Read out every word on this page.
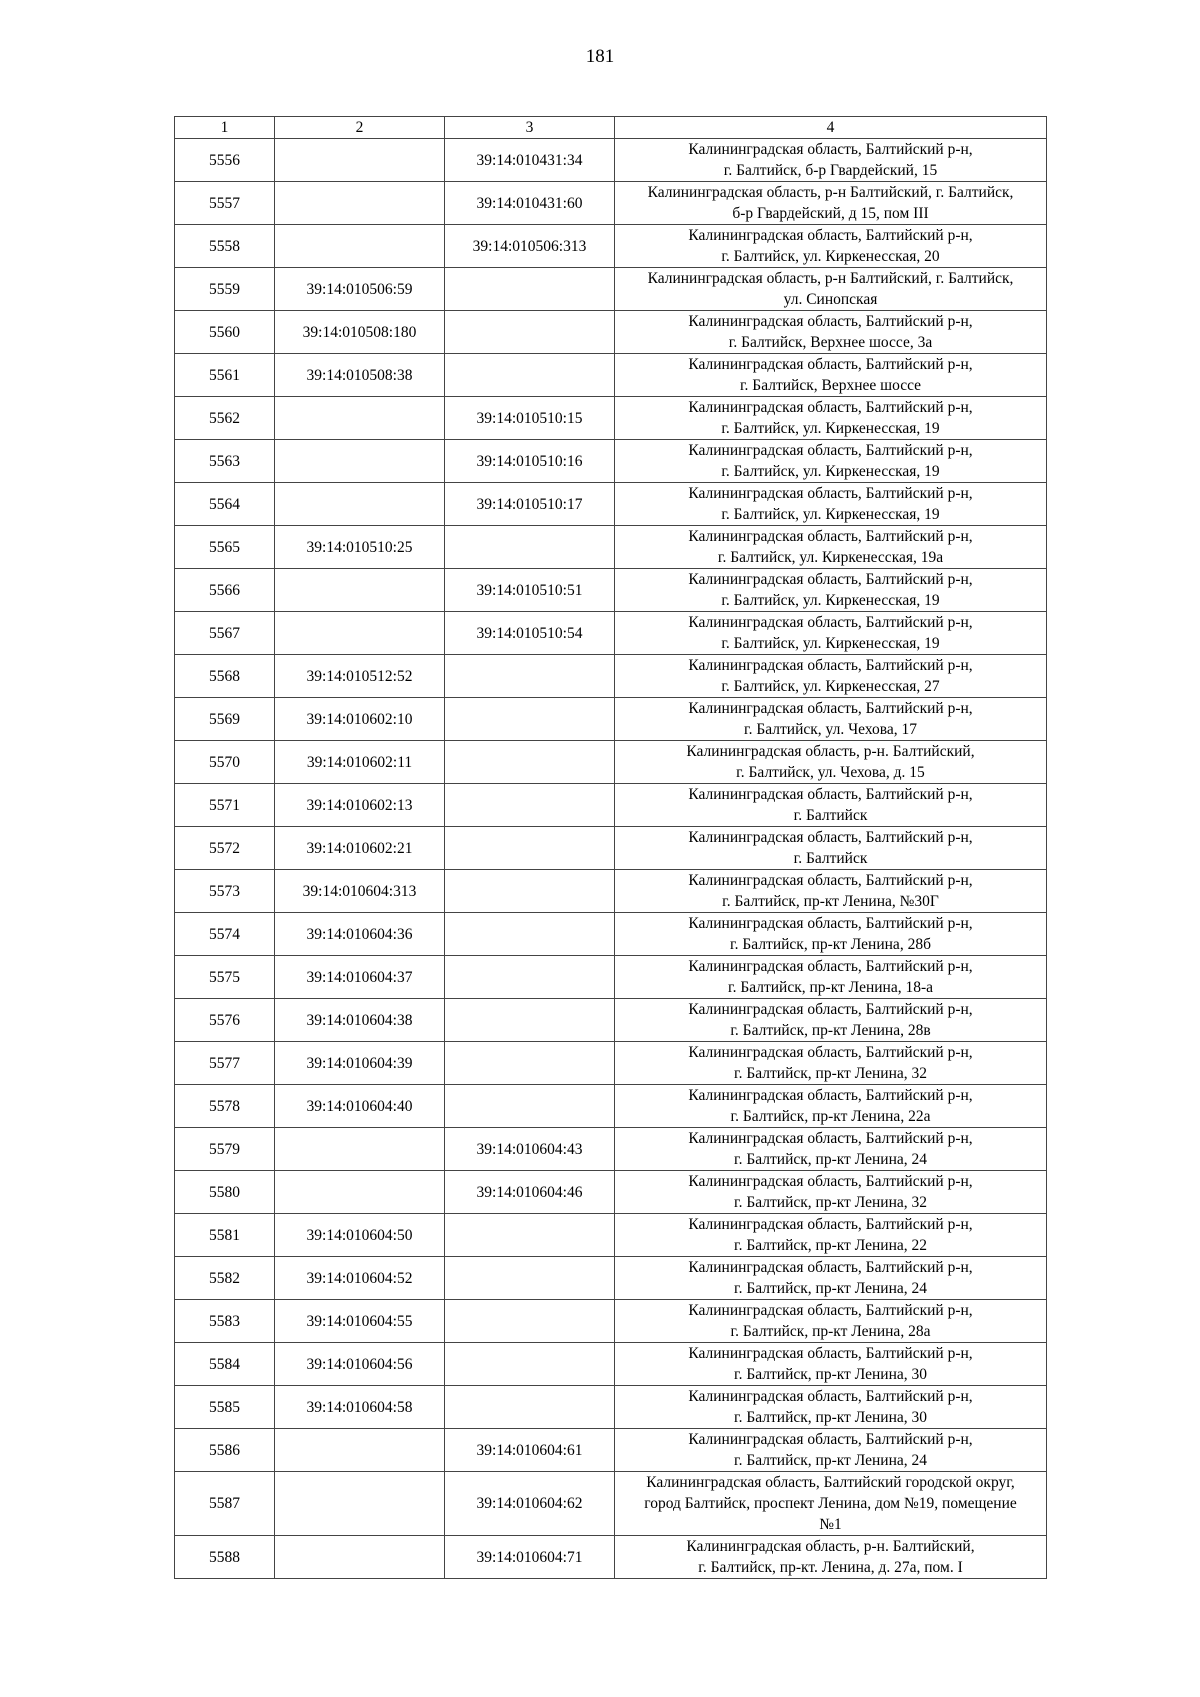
181
1	2	3	4
5556		39:14:010431:34	Калининградская область, Балтийский р-н,
г. Балтийск, б-р Гвардейский, 15

5557		39:14:010431:60	Калининградская область, р-н Балтийский, г. Балтийск,
б-р Гвардейский, д 15, пом III

5558		39:14:010506:313	Калининградская область, Балтийский р-н,
г. Балтийск, ул. Киркенесская, 20

5559	39:14:010506:59		Калининградская область, р-н Балтийский, г. Балтийск,
ул. Синопская

5560	39:14:010508:180		Калининградская область, Балтийский р-н,
г. Балтийск, Верхнее шоссе, 3а

5561	39:14:010508:38		Калининградская область, Балтийский р-н,
г. Балтийск, Верхнее шоссе

5562		39:14:010510:15	Калининградская область, Балтийский р-н,
г. Балтийск, ул. Киркенесская, 19

5563		39:14:010510:16	Калининградская область, Балтийский р-н,
г. Балтийск, ул. Киркенесская, 19

5564		39:14:010510:17	Калининградская область, Балтийский р-н,
г. Балтийск, ул. Киркенесская, 19

5565	39:14:010510:25		Калининградская область, Балтийский р-н,
г. Балтийск, ул. Киркенесская, 19а

5566		39:14:010510:51	Калининградская область, Балтийский р-н,
г. Балтийск, ул. Киркенесская, 19

5567		39:14:010510:54	Калининградская область, Балтийский р-н,
г. Балтийск, ул. Киркенесская, 19

5568	39:14:010512:52		Калининградская область, Балтийский р-н,
г. Балтийск, ул. Киркенесская, 27

5569	39:14:010602:10		Калининградская область, Балтийский р-н,
г. Балтийск, ул. Чехова, 17

5570	39:14:010602:11		Калининградская область, р-н. Балтийский,
г. Балтийск, ул. Чехова, д. 15

5571	39:14:010602:13		Калининградская область, Балтийский р-н,
г. Балтийск

5572	39:14:010602:21		Калининградская область, Балтийский р-н,
г. Балтийск

5573	39:14:010604:313		Калининградская область, Балтийский р-н,
г. Балтийск, пр-кт Ленина, №30Г

5574	39:14:010604:36		Калининградская область, Балтийский р-н,
г. Балтийск, пр-кт Ленина, 28б

5575	39:14:010604:37		Калининградская область, Балтийский р-н,
г. Балтийск, пр-кт Ленина, 18-а

5576	39:14:010604:38		Калининградская область, Балтийский р-н,
г. Балтийск, пр-кт Ленина, 28в

5577	39:14:010604:39		Калининградская область, Балтийский р-н,
г. Балтийск, пр-кт Ленина, 32

5578	39:14:010604:40		Калининградская область, Балтийский р-н,
г. Балтийск, пр-кт Ленина, 22а

5579		39:14:010604:43	Калининградская область, Балтийский р-н,
г. Балтийск, пр-кт Ленина, 24

5580		39:14:010604:46	Калининградская область, Балтийский р-н,
г. Балтийск, пр-кт Ленина, 32

5581	39:14:010604:50		Калининградская область, Балтийский р-н,
г. Балтийск, пр-кт Ленина, 22

5582	39:14:010604:52		Калининградская область, Балтийский р-н,
г. Балтийск, пр-кт Ленина, 24

5583	39:14:010604:55		Калининградская область, Балтийский р-н,
г. Балтийск, пр-кт Ленина, 28а

5584	39:14:010604:56		Калининградская область, Балтийский р-н,
г. Балтийск, пр-кт Ленина, 30

5585	39:14:010604:58		Калининградская область, Балтийский р-н,
г. Балтийск, пр-кт Ленина, 30

5586		39:14:010604:61	Калининградская область, Балтийский р-н,
г. Балтийск, пр-кт Ленина, 24

5587		39:14:010604:62	Калининградская область, Балтийский городской округ,
город Балтийск, проспект Ленина, дом №19, помещение
№1

5588		39:14:010604:71	Калининградская область, р-н. Балтийский,
г. Балтийск, пр-кт. Ленина, д. 27а, пом. I
